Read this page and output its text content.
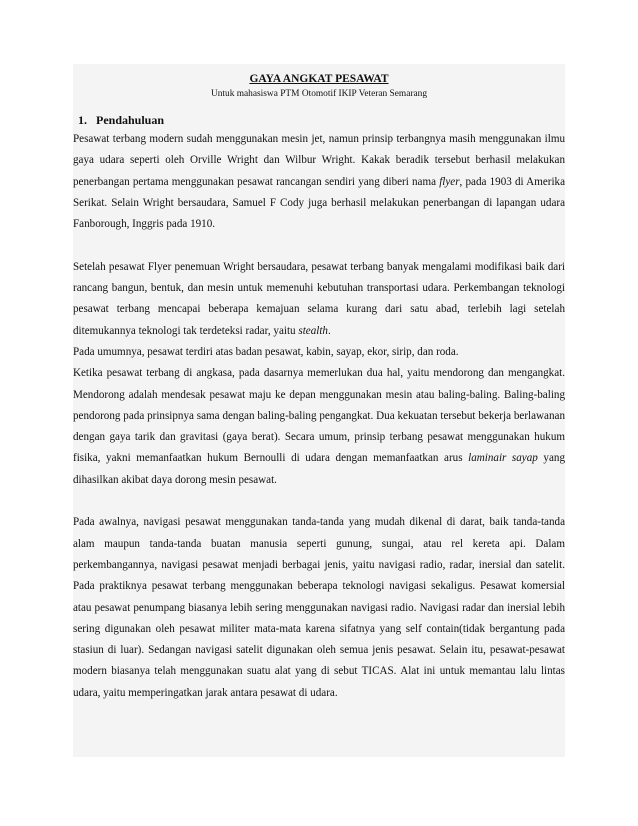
GAYA ANGKAT PESAWAT
Untuk mahasiswa PTM Otomotif IKIP Veteran Semarang
1. Pendahuluan

Pesawat terbang modern sudah menggunakan mesin jet, namun prinsip terbangnya masih menggunakan ilmu gaya udara seperti oleh Orville Wright dan Wilbur Wright. Kakak beradik tersebut berhasil melakukan penerbangan pertama menggunakan pesawat rancangan sendiri yang diberi nama flyer, pada 1903 di Amerika Serikat. Selain Wright bersaudara, Samuel F Cody juga berhasil melakukan penerbangan di lapangan udara Fanborough, Inggris pada 1910.

Setelah pesawat Flyer penemuan Wright bersaudara, pesawat terbang banyak mengalami modifikasi baik dari rancang bangun, bentuk, dan mesin untuk memenuhi kebutuhan transportasi udara. Perkembangan teknologi pesawat terbang mencapai beberapa kemajuan selama kurang dari satu abad, terlebih lagi setelah ditemukannya teknologi tak terdeteksi radar, yaitu stealth.

Pada umumnya, pesawat terdiri atas badan pesawat, kabin, sayap, ekor, sirip, dan roda.

Ketika pesawat terbang di angkasa, pada dasarnya memerlukan dua hal, yaitu mendorong dan mengangkat. Mendorong adalah mendesak pesawat maju ke depan menggunakan mesin atau baling-baling. Baling-baling pendorong pada prinsipnya sama dengan baling-baling pengangkat. Dua kekuatan tersebut bekerja berlawanan dengan gaya tarik dan gravitasi (gaya berat). Secara umum, prinsip terbang pesawat menggunakan hukum fisika, yakni memanfaatkan hukum Bernoulli di udara dengan memanfaatkan arus laminair sayap yang dihasilkan akibat daya dorong mesin pesawat.

Pada awalnya, navigasi pesawat menggunakan tanda-tanda yang mudah dikenal di darat, baik tanda-tanda alam maupun tanda-tanda buatan manusia seperti gunung, sungai, atau rel kereta api. Dalam perkembangannya, navigasi pesawat menjadi berbagai jenis, yaitu navigasi radio, radar, inersial dan satelit. Pada praktiknya pesawat terbang menggunakan beberapa teknologi navigasi sekaligus. Pesawat komersial atau pesawat penumpang biasanya lebih sering menggunakan navigasi radio. Navigasi radar dan inersial lebih sering digunakan oleh pesawat militer mata-mata karena sifatnya yang self contain(tidak bergantung pada stasiun di luar). Sedangan navigasi satelit digunakan oleh semua jenis pesawat. Selain itu, pesawat-pesawat modern biasanya telah menggunakan suatu alat yang di sebut TICAS. Alat ini untuk memantau lalu lintas udara, yaitu memperingatkan jarak antara pesawat di udara.
